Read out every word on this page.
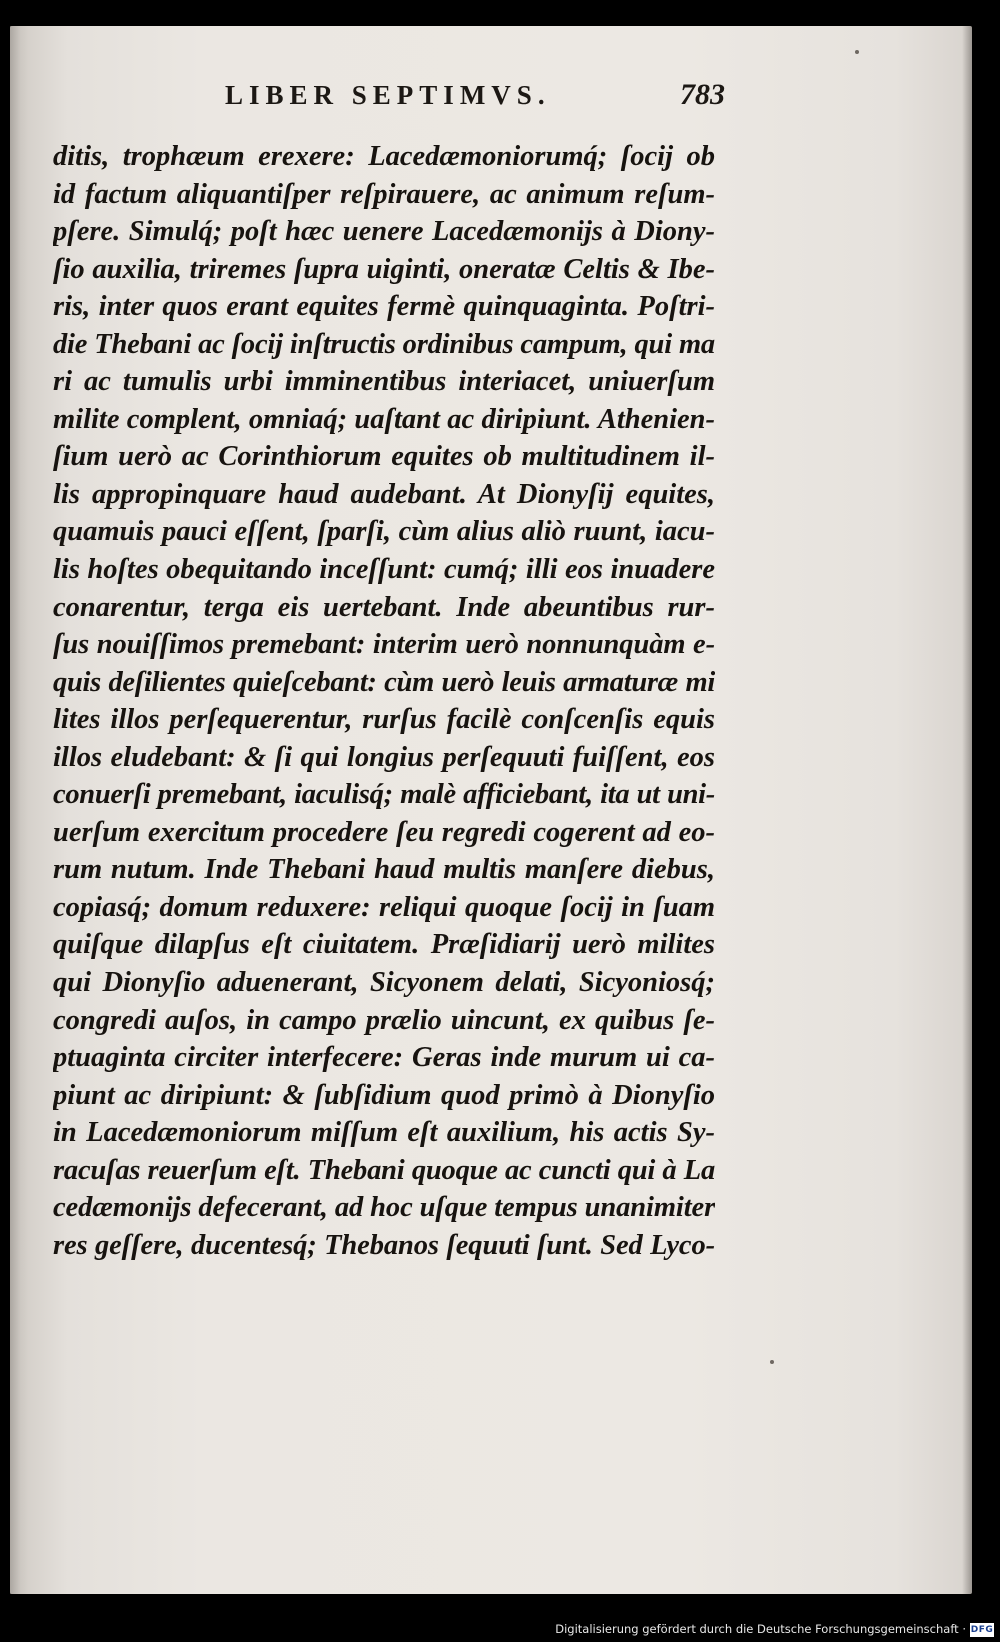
LIBER SEPTIMVS.	783
ditis, trophæum erexere: Lacedæmoniorumq́; ſocij ob
id factum aliquantiſper reſpirauere, ac animum reſum-
pſere. Simulq́; poſt hæc uenere Lacedæmonijs à Diony-
ſio auxilia, triremes ſupra uiginti, oneratæ Celtis & Ibe-
ris, inter quos erant equites fermè quinquaginta. Poſtri-
die Thebani ac ſocij inſtructis ordinibus campum, qui ma
ri ac tumulis urbi imminentibus interiacet, uniuerſum
milite complent, omniaq́; uaſtant ac diripiunt. Athenien-
ſium uerò ac Corinthiorum equites ob multitudinem il-
lis appropinquare haud audebant. At Dionyſij equites,
quamuis pauci eſſent, ſparſi, cùm alius aliò ruunt, iacu-
lis hoſtes obequitando inceſſunt: cumq́; illi eos inuadere
conarentur, terga eis uertebant. Inde abeuntibus rur-
ſus nouiſſimos premebant: interim uerò nonnunquàm e-
quis deſilientes quieſcebant: cùm uerò leuis armaturæ mi
lites illos perſequerentur, rurſus facilè conſcenſis equis
illos eludebant: & ſi qui longius perſequuti fuiſſent, eos
conuerſi premebant, iaculisq́; malè afficiebant, ita ut uni-
uerſum exercitum procedere ſeu regredi cogerent ad eo-
rum nutum. Inde Thebani haud multis manſere diebus,
copiasq́; domum reduxere: reliqui quoque ſocij in ſuam
quiſque dilapſus eſt ciuitatem. Præſidiarij uerò milites
qui Dionyſio aduenerant, Sicyonem delati, Sicyoniosq́;
congredi auſos, in campo prælio uincunt, ex quibus ſe-
ptuaginta circiter interfecere: Geras inde murum ui ca-
piunt ac diripiunt: & ſubſidium quod primò à Dionyſio
in Lacedæmoniorum miſſum eſt auxilium, his actis Sy-
racuſas reuerſum eſt. Thebani quoque ac cuncti qui à La
cedæmonijs defecerant, ad hoc uſque tempus unanimiter
res geſſere, ducentesq́; Thebanos ſequuti ſunt. Sed Lyco-
Digitalisierung gefördert durch die Deutsche Forschungsgemeinschaft · DFG
